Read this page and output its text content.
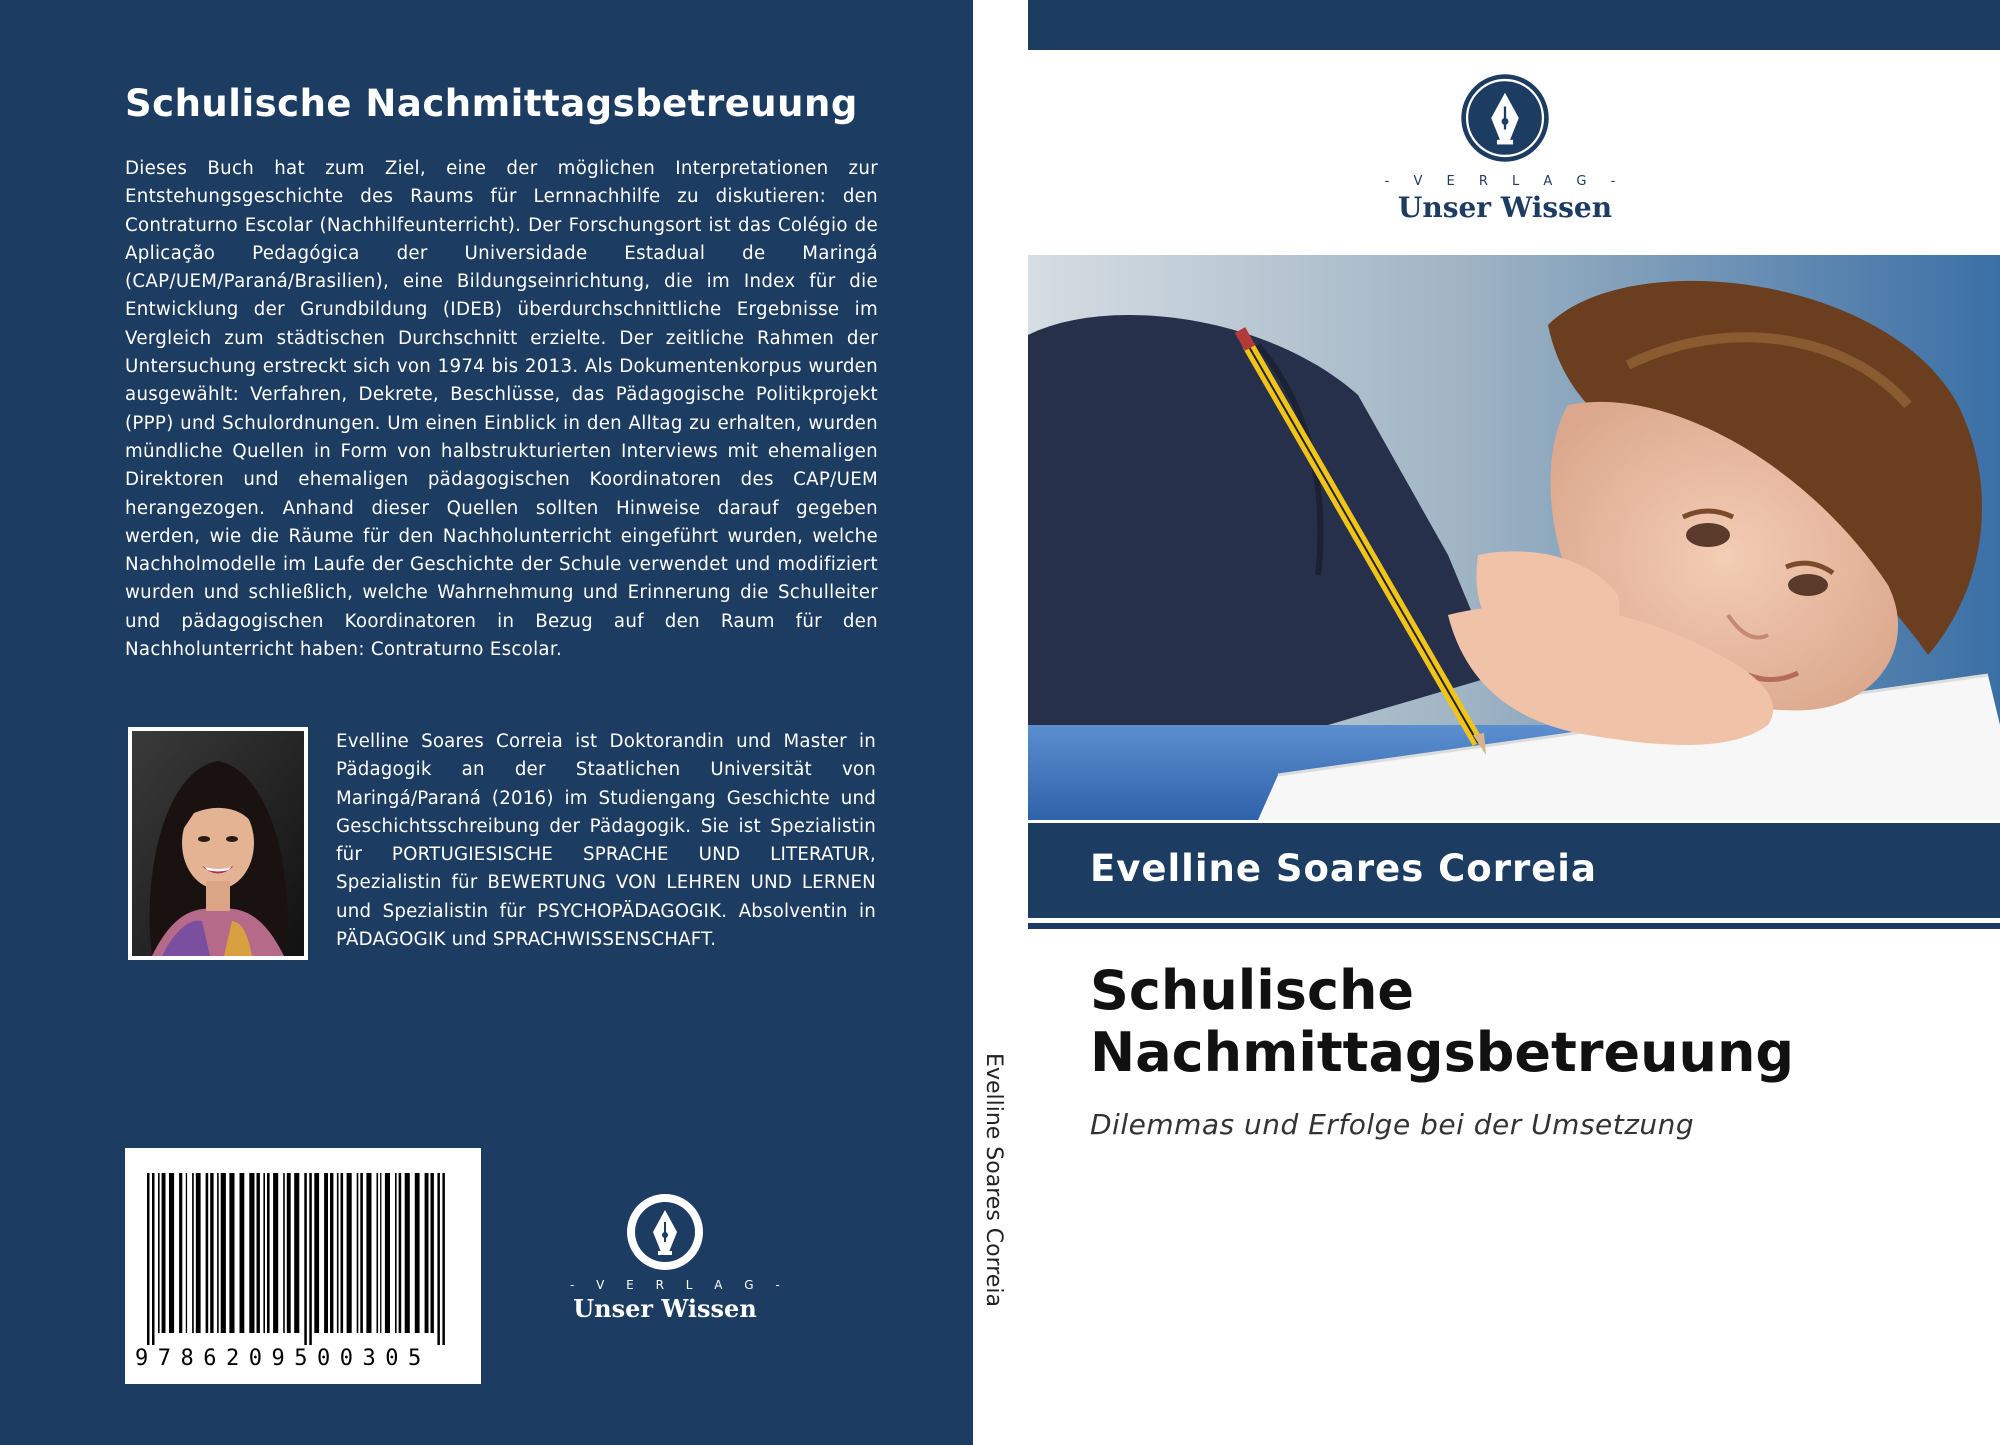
Schulische Nachmittagsbetreuung
Dieses Buch hat zum Ziel, eine der möglichen Interpretationen zur Entstehungsgeschichte des Raums für Lernnachhilfe zu diskutieren: den Contraturno Escolar (Nachhilfeunterricht). Der Forschungsort ist das Colégio de Aplicação Pedagógica der Universidade Estadual de Maringá (CAP/UEM/Paraná/Brasilien), eine Bildungseinrichtung, die im Index für die Entwicklung der Grundbildung (IDEB) überdurchschnittliche Ergebnisse im Vergleich zum städtischen Durchschnitt erzielte. Der zeitliche Rahmen der Untersuchung erstreckt sich von 1974 bis 2013. Als Dokumentenkorpus wurden ausgewählt: Verfahren, Dekrete, Beschlüsse, das Pädagogische Politikprojekt (PPP) und Schulordnungen. Um einen Einblick in den Alltag zu erhalten, wurden mündliche Quellen in Form von halbstrukturierten Interviews mit ehemaligen Direktoren und ehemaligen pädagogischen Koordinatoren des CAP/UEM herangezogen. Anhand dieser Quellen sollten Hinweise darauf gegeben werden, wie die Räume für den Nachholunterricht eingeführt wurden, welche Nachholmodelle im Laufe der Geschichte der Schule verwendet und modifiziert wurden und schließlich, welche Wahrnehmung und Erinnerung die Schulleiter und pädagogischen Koordinatoren in Bezug auf den Raum für den Nachholunterricht haben: Contraturno Escolar.
Evelline Soares Correia ist Doktorandin und Master in Pädagogik an der Staatlichen Universität von Maringá/Paraná (2016) im Studiengang Geschichte und Geschichtsschreibung der Pädagogik. Sie ist Spezialistin für PORTUGIESISCHE SPRACHE UND LITERATUR, Spezialistin für BEWERTUNG VON LEHREN UND LERNEN und Spezialistin für PSYCHOPÄDAGOGIK. Absolventin in PÄDAGOGIK und SPRACHWISSENSCHAFT.
9786209500305
- V E R L A G -
Unser Wissen
Evelline Soares Correia
- V E R L A G -
Unser Wissen
Evelline Soares Correia
Schulische
Nachmittagsbetreuung
Dilemmas und Erfolge bei der Umsetzung
